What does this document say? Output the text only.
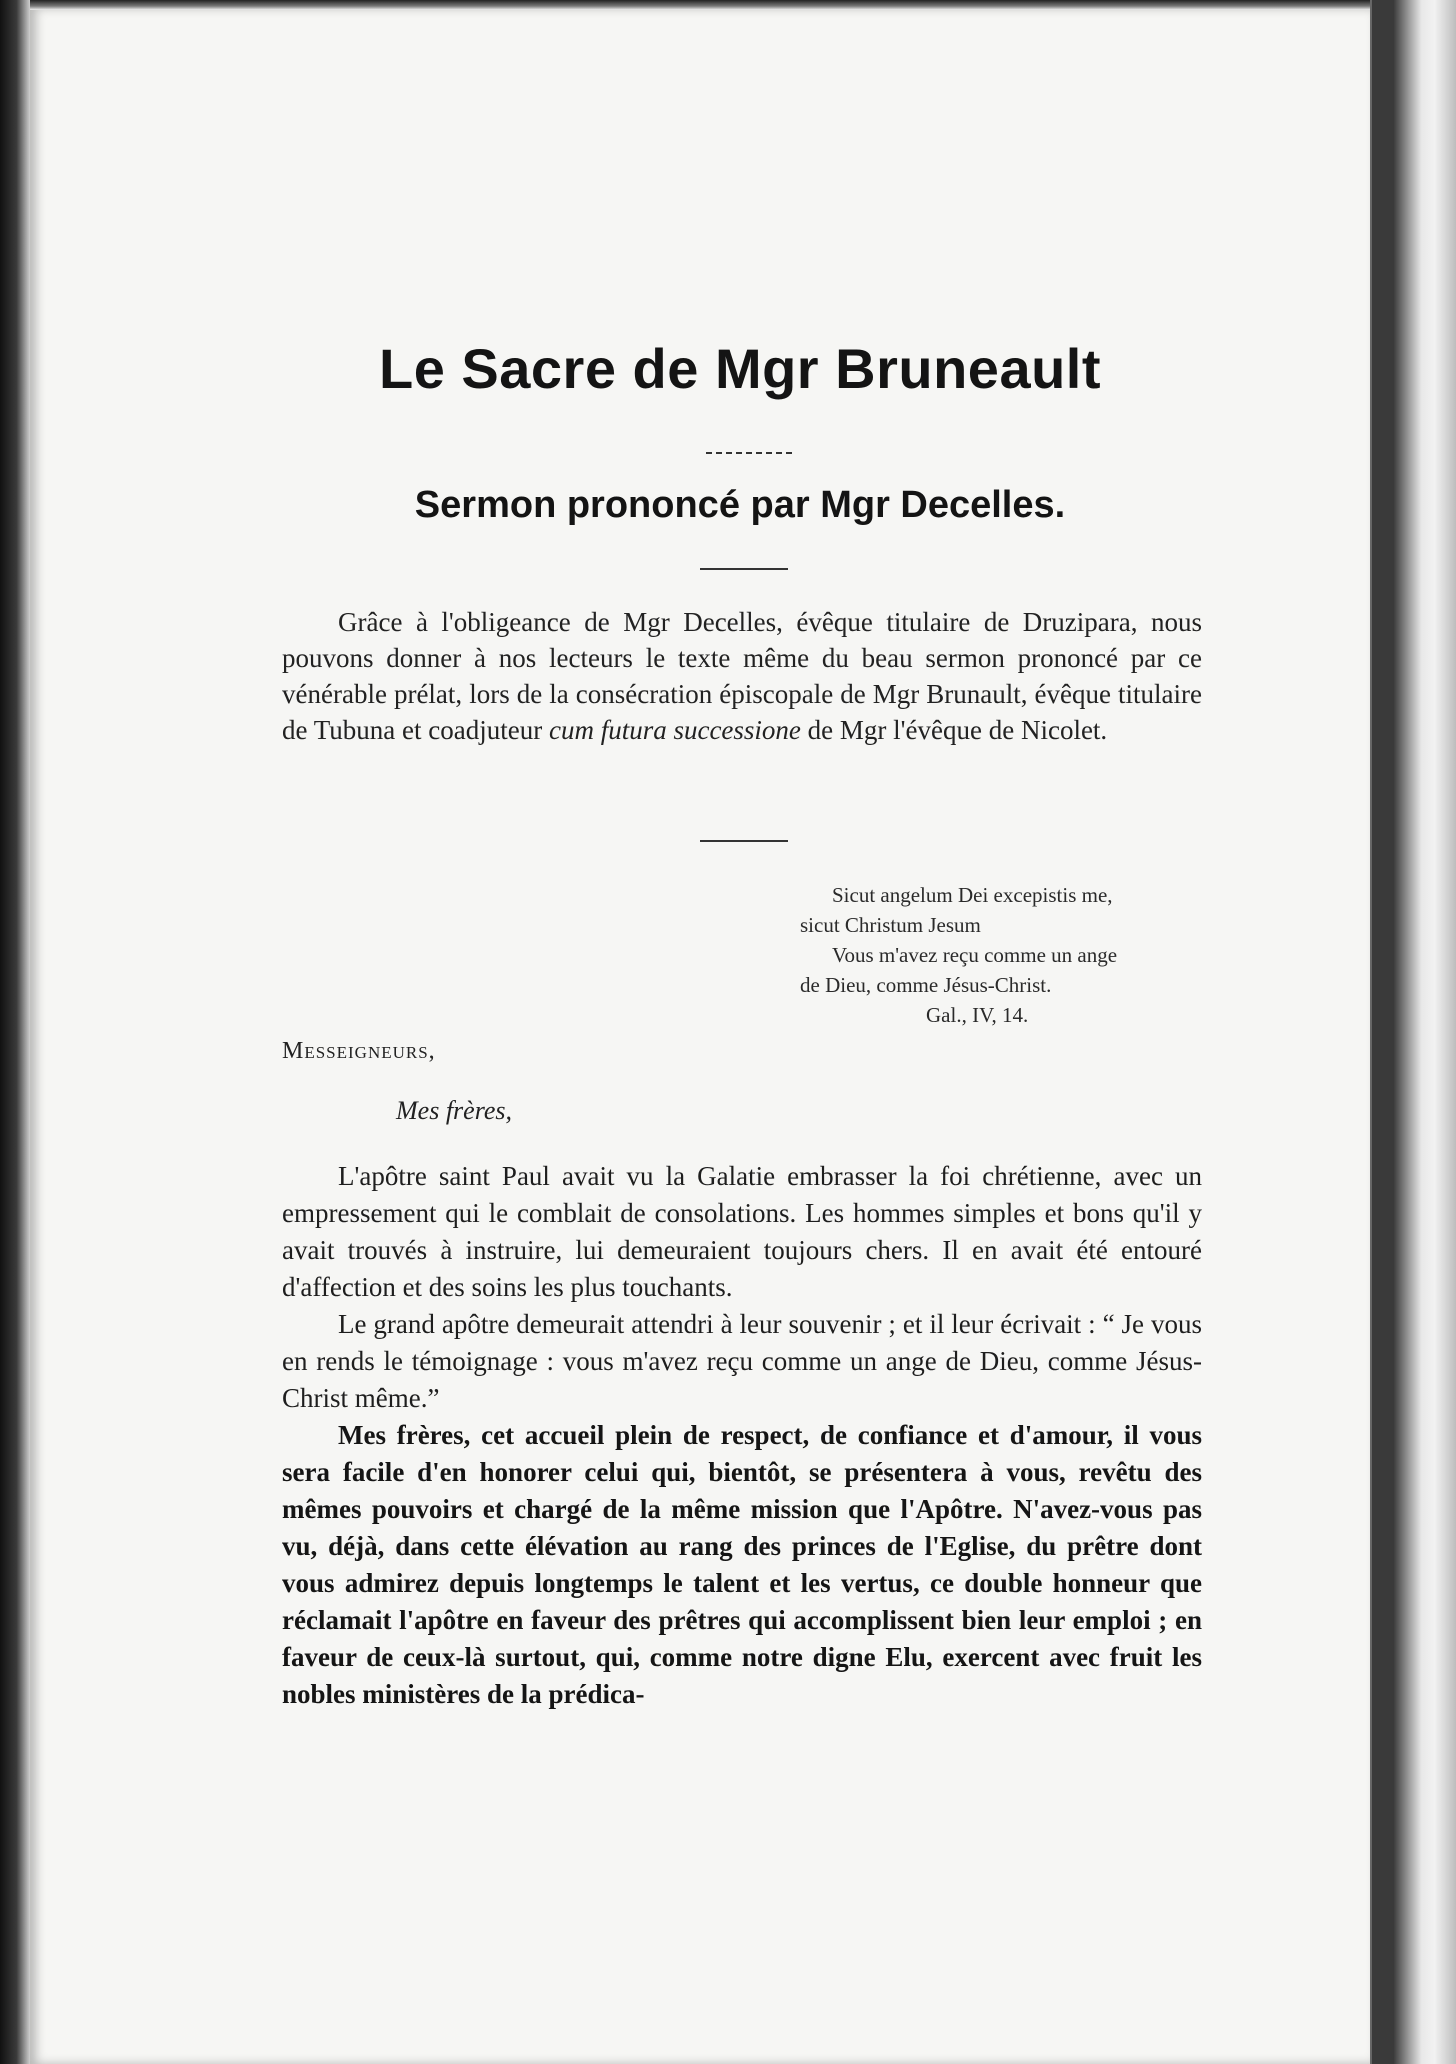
Le Sacre de Mgr Bruneault
Sermon prononcé par Mgr Decelles.

Grâce à l'obligeance de Mgr Decelles, évêque titulaire de Druzipara, nous pouvons donner à nos lecteurs le texte même du beau sermon prononcé par ce vénérable prélat, lors de la consécration épiscopale de Mgr Brunault, évêque titulaire de Tubuna et coadjuteur cum futura successione de Mgr l'évêque de Nicolet.

Sicut angelum Dei excepistis me,
sicut Christum Jesum
Vous m'avez reçu comme un ange
de Dieu, comme Jésus-Christ.
Gal., IV, 14.

Messeigneurs,

Mes frères,

L'apôtre saint Paul avait vu la Galatie embrasser la foi chrétienne, avec un empressement qui le comblait de consolations. Les hommes simples et bons qu'il y avait trouvés à instruire, lui demeuraient toujours chers. Il en avait été entouré d'affection et des soins les plus touchants.

Le grand apôtre demeurait attendri à leur souvenir ; et il leur écrivait : “ Je vous en rends le témoignage : vous m'avez reçu comme un ange de Dieu, comme Jésus-Christ même.”

Mes frères, cet accueil plein de respect, de confiance et d'amour, il vous sera facile d'en honorer celui qui, bientôt, se présentera à vous, revêtu des mêmes pouvoirs et chargé de la même mission que l'Apôtre. N'avez-vous pas vu, déjà, dans cette élévation au rang des princes de l'Eglise, du prêtre dont vous admirez depuis longtemps le talent et les vertus, ce double honneur que réclamait l'apôtre en faveur des prêtres qui accomplissent bien leur emploi ; en faveur de ceux-là surtout, qui, comme notre digne Elu, exercent avec fruit les nobles ministères de la prédica-
